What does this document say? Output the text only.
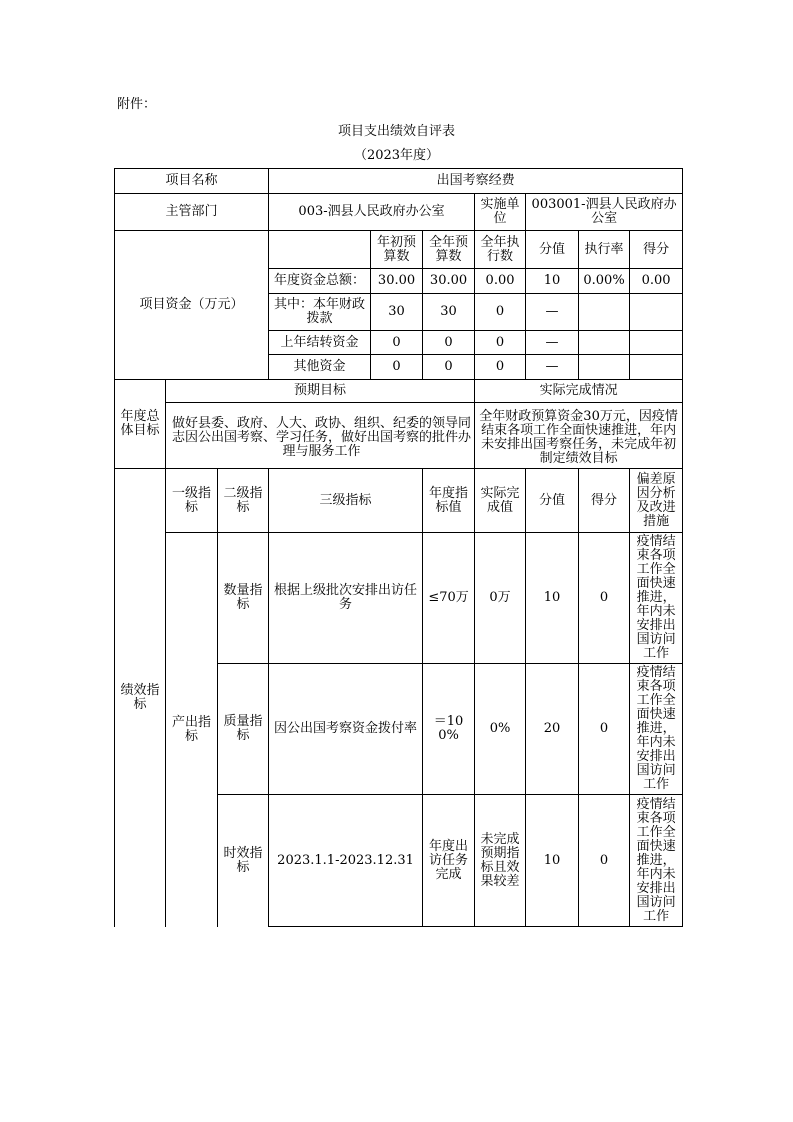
附件：
项目支出绩效自评表
（2023年度）
项目名称			出国考察经费						
主管部门			003-泗县人民政府办公室			实施单位	003001-泗县人民政府办公室		
项目资金（万元）				年初预算数	全年预算数	全年执行数	分值	执行率	得分
			年度资金总额：	30.00	30.00	0.00	10	0.00%	0.00
			其中：本年财政拨款	30	30	0	—		
			上年结转资金	0	0	0	—		
			其他资金	0	0	0	—		
年度总体目标	预期目标					实际完成情况			
	做好县委、政府、人大、政协、组织、纪委的领导同志因公出国考察、学习任务，做好出国考察的批件办理与服务工作					全年财政预算资金30万元，因疫情结束各项工作全面快速推进，年内未安排出国考察任务，未完成年初制定绩效目标			
绩效指标	一级指标	二级指标	三级指标		年度指标值	实际完成值	分值	得分	偏差原因分析及改进措施
	产出指标	数量指标	根据上级批次安排出访任务		≤70万	0万	10	0	疫情结束各项工作全面快速推进，年内未安排出国访问工作
		质量指标	因公出国考察资金拨付率		＝100%	0%	20	0	疫情结束各项工作全面快速推进，年内未安排出国访问工作
		时效指标	2023.1.1-2023.12.31		年度出访任务完成	未完成预期指标且效果较差	10	0	疫情结束各项工作全面快速推进，年内未安排出国访问工作
